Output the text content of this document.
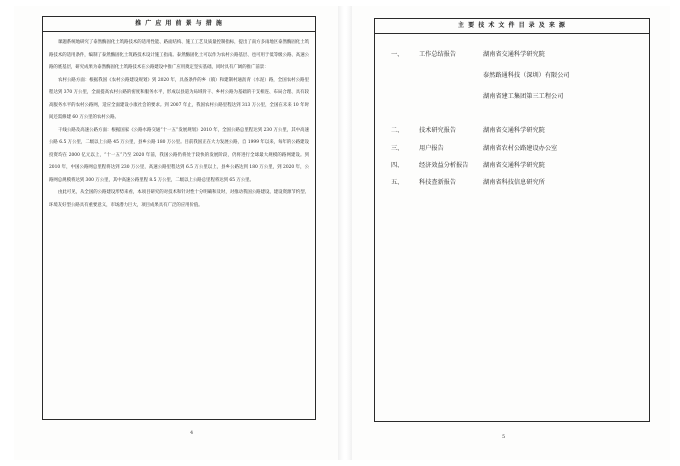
推 广 应 用 前 景 与 措 施

课题系统地研究了泰然酶固化土筑路技术的适用性能、路面结构、施工工艺及质量控制指标，提出了南方多雨地区泰然酶固化土筑路技术的适用条件，编制了泰然酶固化土筑路技术设计施工指南。泰然酶固化土可以作为农村公路基层、也可用于低等级公路、高速公路的底基层，研究成果为泰然酶固化土筑路技术在公路建设中推广应用奠定坚实基础，同时具有广阔的推广前景：

农村公路方面：根据我国《农村公路建设规划》到 2020 年，具备条件的乡（镇）和建制村通沥青（水泥）路，全国农村公路里程达到 370 万公里，全面提高农村公路的密度和服务水平，形成以县道为局域骨干、乡村公路为基础的干支相连、布局合理、具有较高服务水平的农村公路网，适应全面建设小康社会的要求。到 2007 年止，我国农村公路里程达到 313 万公里，全国在未来 10 年时间还需修建 60 万公里的农村公路。

干线公路及高速公路方面：根据国家《公路水路交通“十一五”发展规划》2010 年，全国公路总里程达到 230 万公里，其中高速公路 6.5 万公里，二级以上公路 45 万公里，县乡公路 180 万公里。目前我国正在大力发展公路，自 1999 年以来，每年的公路建设投资均在 2000 亿元以上，“十一五”乃至 2020 年前，我国公路仍将处于较快的发展阶段，仍将进行全球最大规模的路网建设。到 2010 年，中国公路网总里程将达到 230 万公里，高速公路里程达到 6.5 万公里以上，县乡公路达到 180 万公里，到 2020 年，公路网总规模将达到 300 万公里，其中高速公路里程 8.5 万公里，二级以上公路总里程将达到 65 万公里。

由此可见，从全国的公路建设形势来看，本项目研究的对技术和针对性十分明确和及时，对推动我国公路建设、建设资源节约型、环境友好型公路具有重要意义，市场潜力巨大，项目成果具有广泛的应用价值。

4
主 要 技 术 文 件 目 录 及 来 源
一、	工作总结报告	湖南省交通科学研究院
泰然路通科技（深圳）有限公司
湖南省建工集团第三工程公司
二、	技术研究报告	湖南省交通科学研究院
三、	用户报告	湖南省农村公路建设办公室
四、	经济效益分析报告 湖南省交通科学研究院
五、	科技查新报告	湖南省科技信息研究所
5
